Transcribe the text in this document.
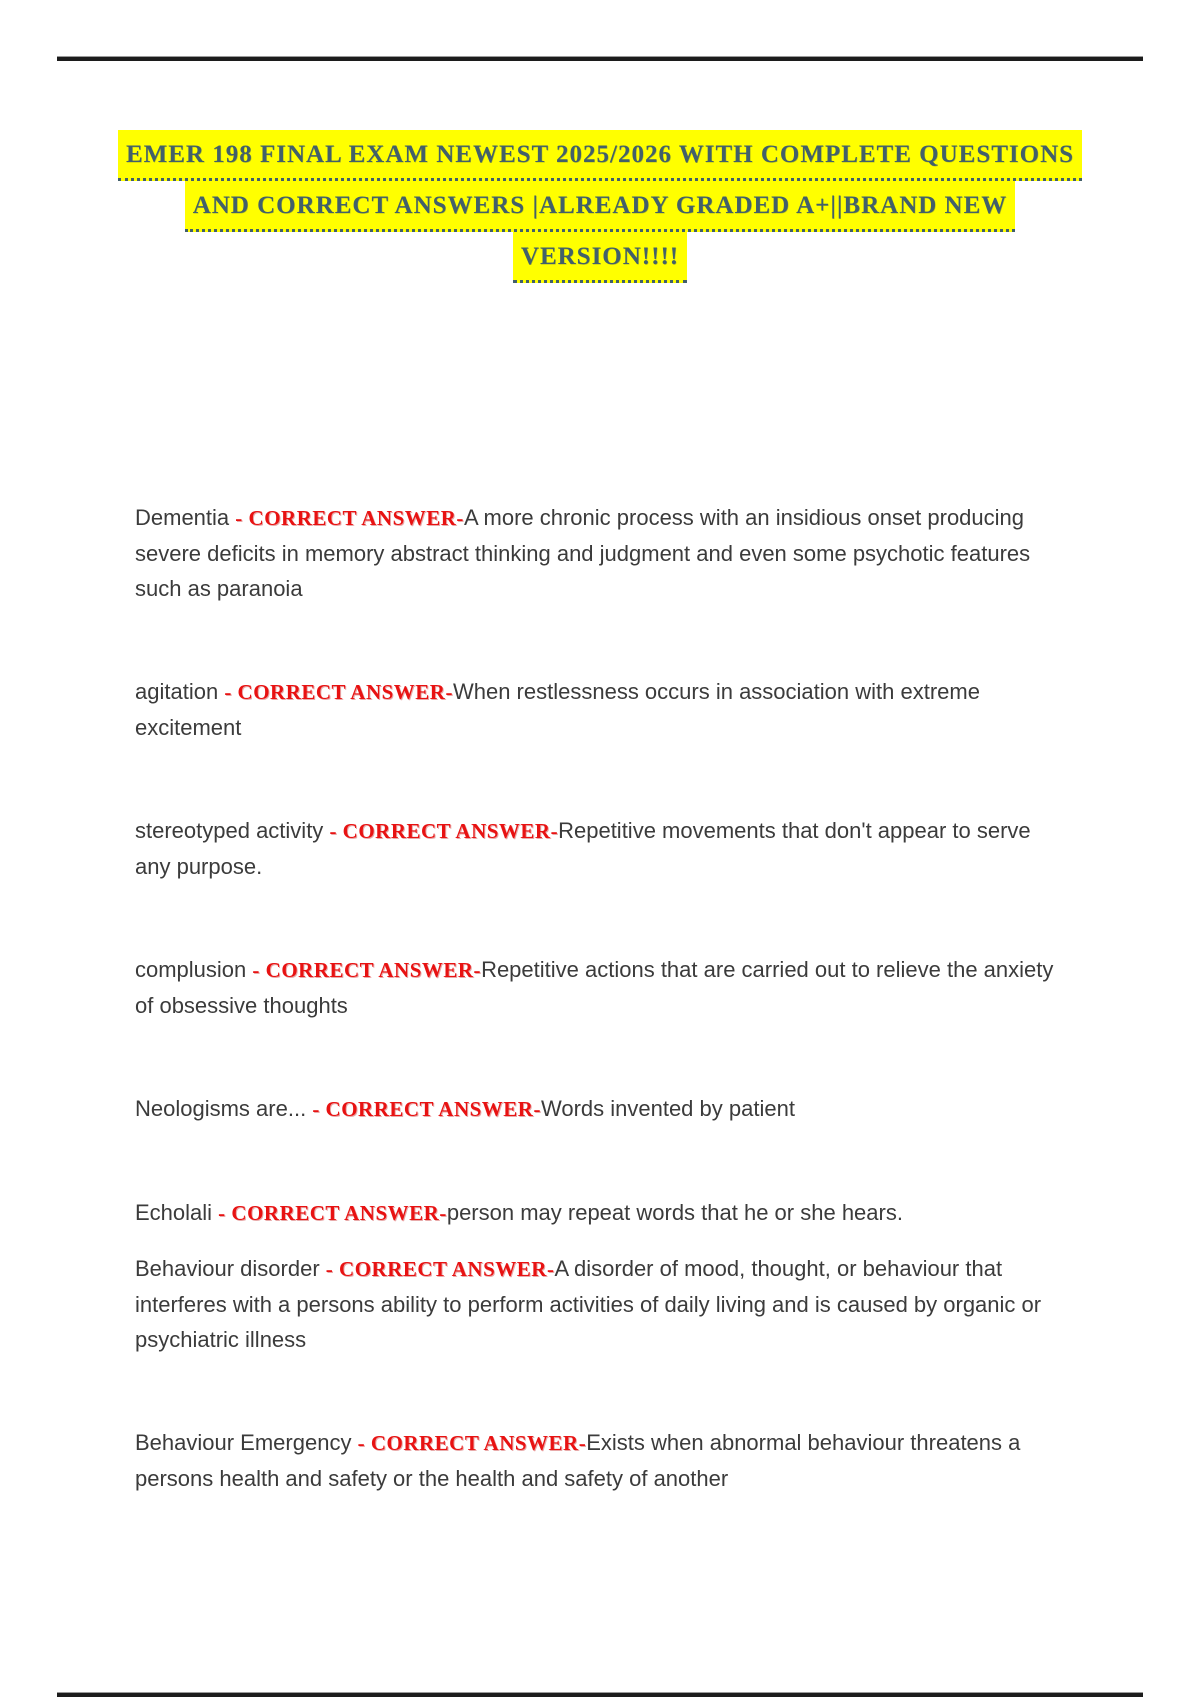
EMER 198 FINAL EXAM NEWEST 2025/2026 WITH COMPLETE QUESTIONS
AND CORRECT ANSWERS |ALREADY GRADED A+||BRAND NEW
VERSION!!!!

Dementia - CORRECT ANSWER-A more chronic process with an insidious onset producing severe deficits in memory abstract thinking and judgment and even some psychotic features such as paranoia

agitation - CORRECT ANSWER-When restlessness occurs in association with extreme excitement

stereotyped activity - CORRECT ANSWER-Repetitive movements that don't appear to serve any purpose.

complusion - CORRECT ANSWER-Repetitive actions that are carried out to relieve the anxiety of obsessive thoughts

Neologisms are... - CORRECT ANSWER-Words invented by patient

Echolali - CORRECT ANSWER-person may repeat words that he or she hears.

Behaviour disorder - CORRECT ANSWER-A disorder of mood, thought, or behaviour that interferes with a persons ability to perform activities of daily living and is caused by organic or psychiatric illness

Behaviour Emergency - CORRECT ANSWER-Exists when abnormal behaviour threatens a persons health and safety or the health and safety of another
